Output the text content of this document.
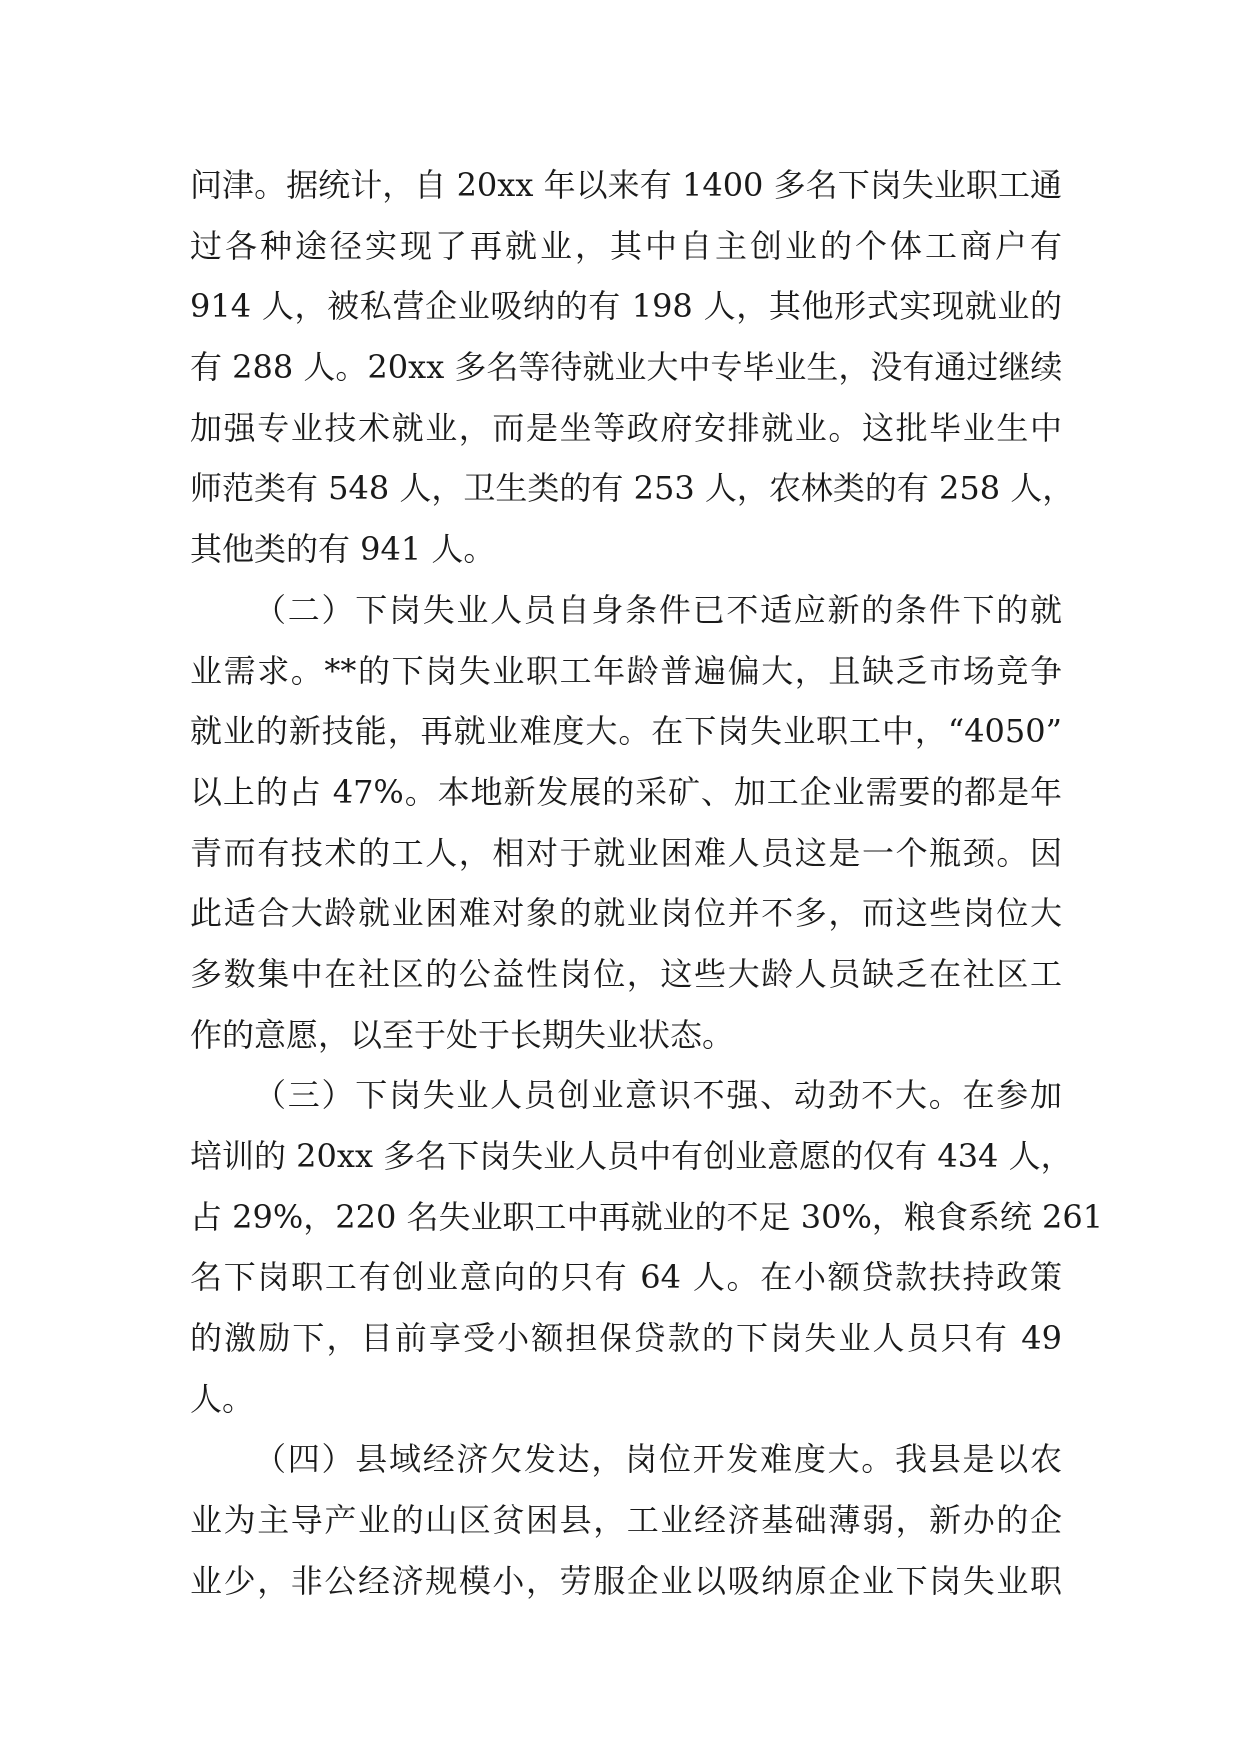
问津。据统计，自 20xx 年以来有 1400 多名下岗失业职工通
过各种途径实现了再就业，其中自主创业的个体工商户有
914 人，被私营企业吸纳的有 198 人，其他形式实现就业的
有 288 人。20xx 多名等待就业大中专毕业生，没有通过继续
加强专业技术就业，而是坐等政府安排就业。这批毕业生中
师范类有 548 人，卫生类的有 253 人，农林类的有 258 人，
其他类的有 941 人。
（二）下岗失业人员自身条件已不适应新的条件下的就
业需求。**的下岗失业职工年龄普遍偏大，且缺乏市场竞争
就业的新技能，再就业难度大。在下岗失业职工中，“4050”
以上的占 47%。本地新发展的采矿、加工企业需要的都是年
青而有技术的工人，相对于就业困难人员这是一个瓶颈。因
此适合大龄就业困难对象的就业岗位并不多，而这些岗位大
多数集中在社区的公益性岗位，这些大龄人员缺乏在社区工
作的意愿，以至于处于长期失业状态。
（三）下岗失业人员创业意识不强、动劲不大。在参加
培训的 20xx 多名下岗失业人员中有创业意愿的仅有 434 人，
占 29%，220 名失业职工中再就业的不足 30%，粮食系统 261
名下岗职工有创业意向的只有 64 人。在小额贷款扶持政策
的激励下，目前享受小额担保贷款的下岗失业人员只有 49
人。
（四）县域经济欠发达，岗位开发难度大。我县是以农
业为主导产业的山区贫困县，工业经济基础薄弱，新办的企
业少，非公经济规模小，劳服企业以吸纳原企业下岗失业职
